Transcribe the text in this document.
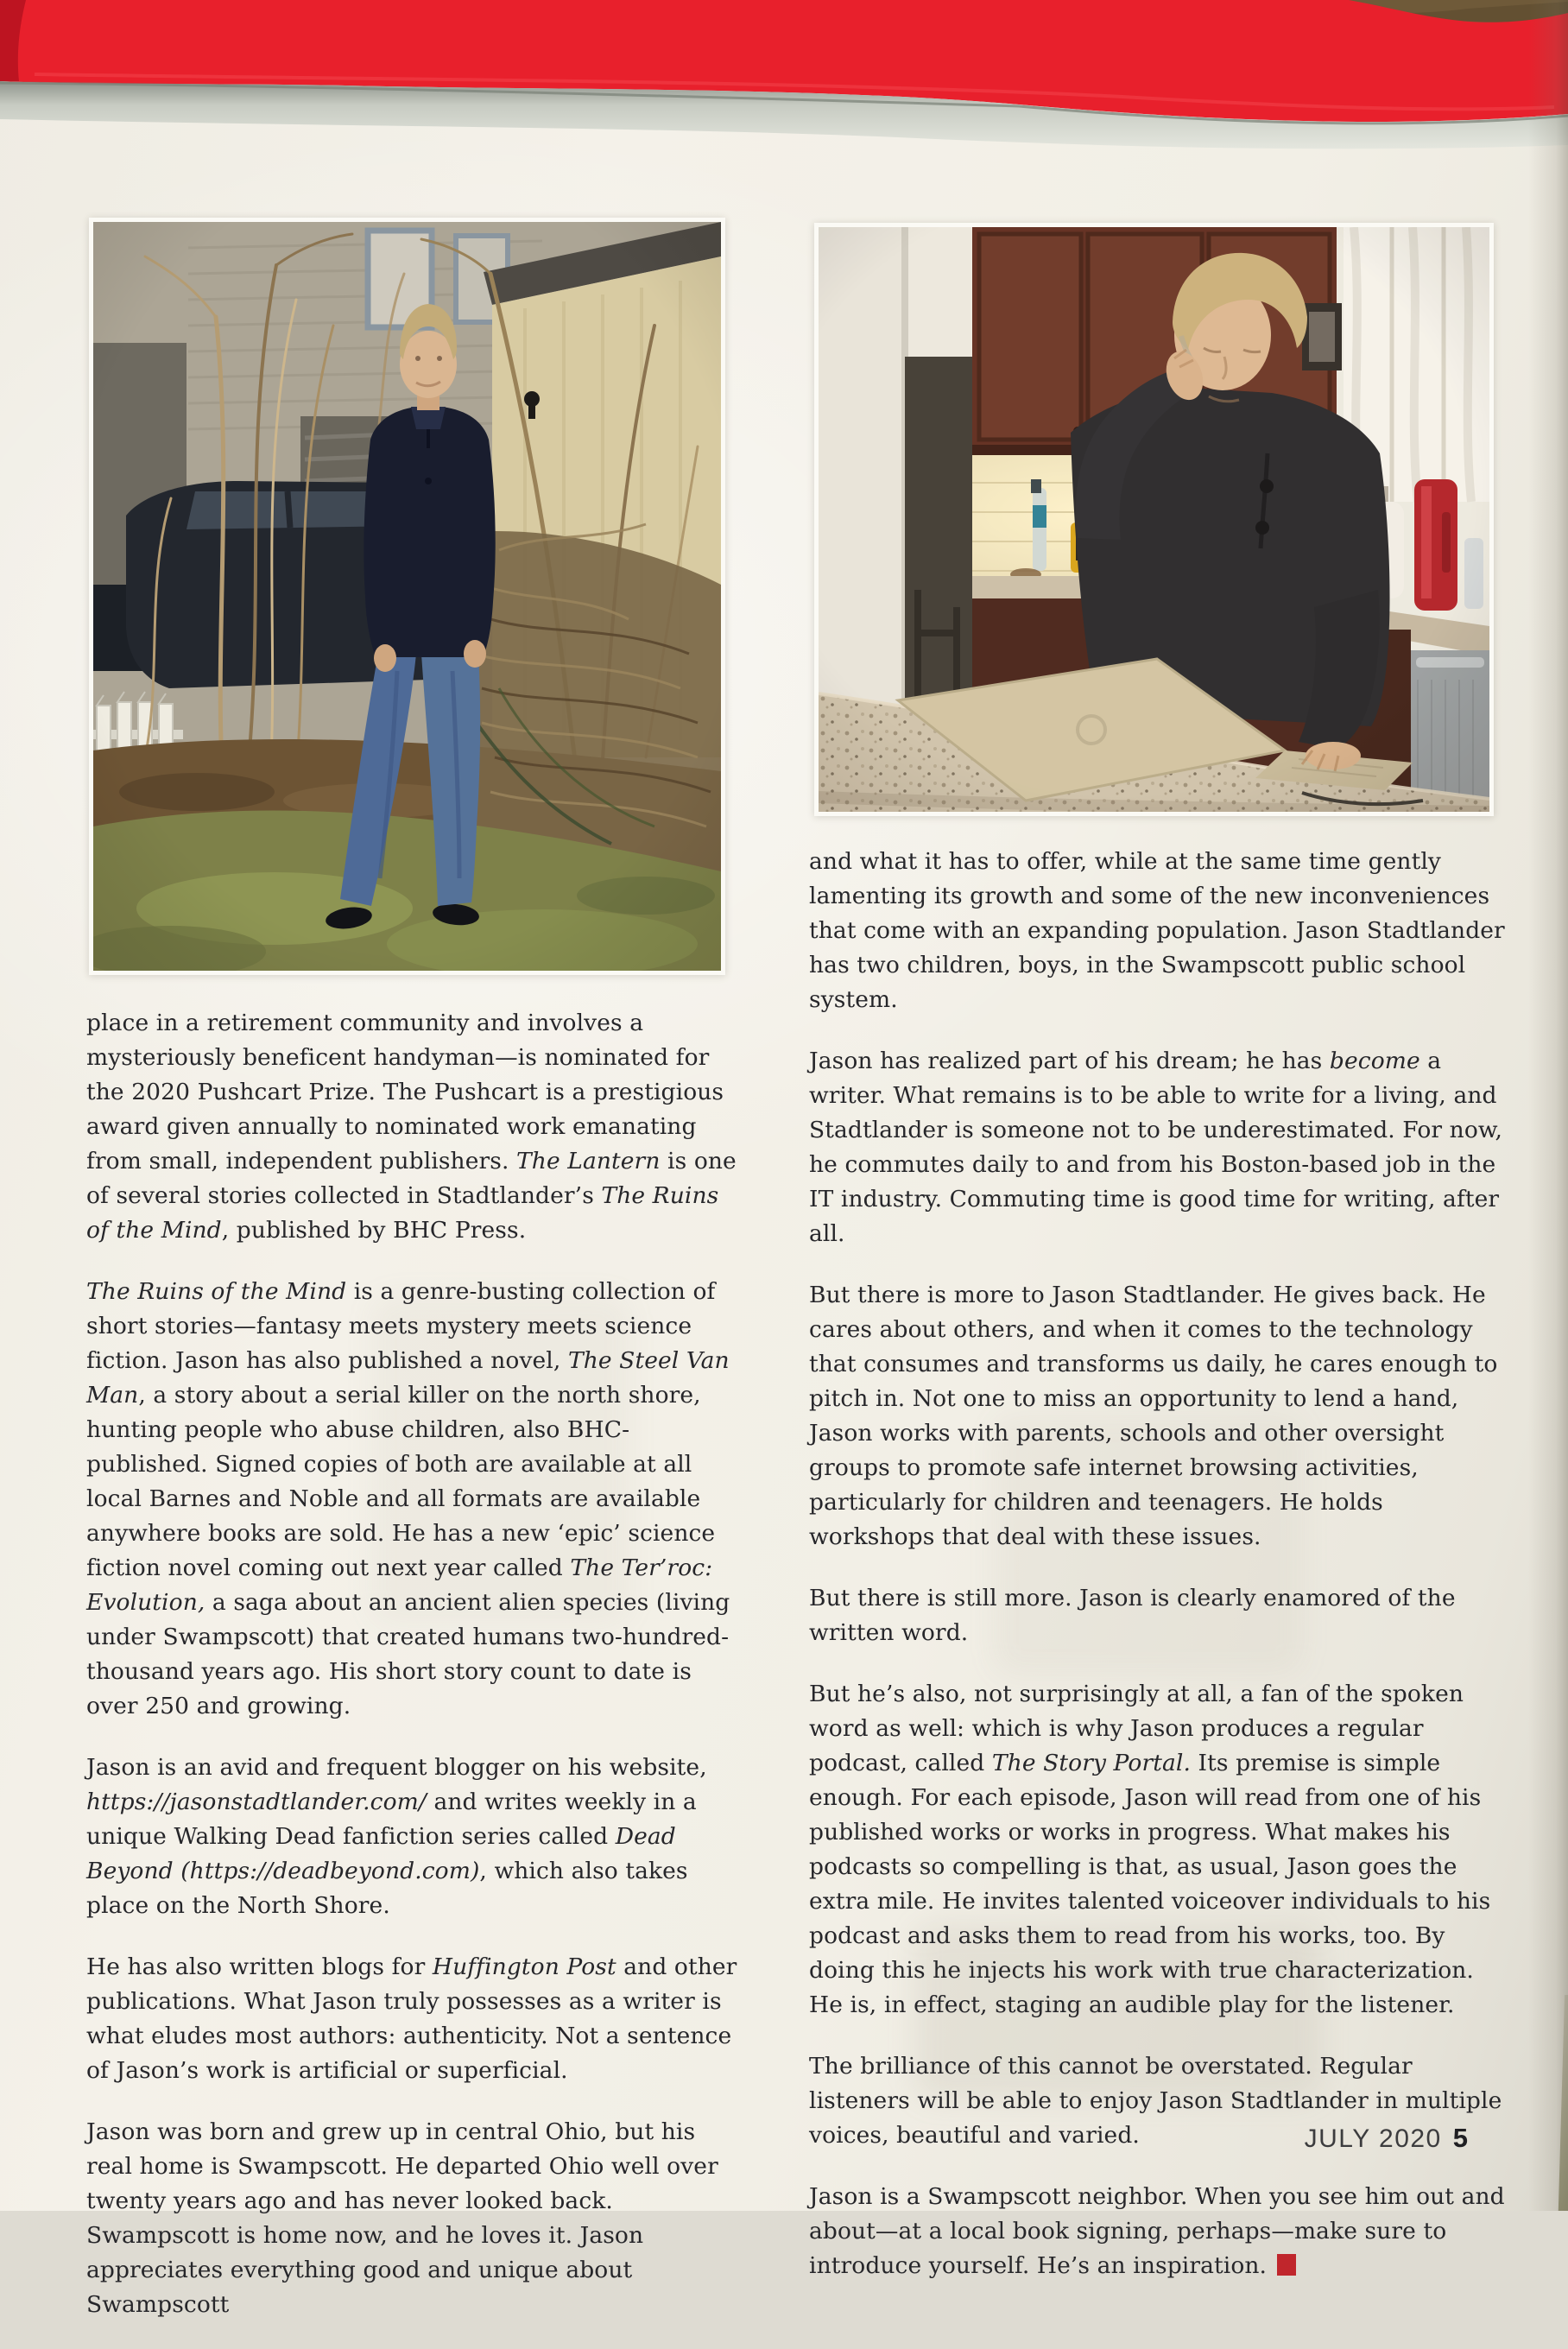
place in a retirement community and involves a mysteriously beneficent handyman—is nominated for the 2020 Pushcart Prize. The Pushcart is a prestigious award given annually to nominated work emanating from small, independent publishers. The Lantern is one of several stories collected in Stadtlander’s The Ruins of the Mind, published by BHC Press.

The Ruins of the Mind is a genre-busting collection of short stories—fantasy meets mystery meets science fiction. Jason has also published a novel, The Steel Van Man, a story about a serial killer on the north shore, hunting people who abuse children, also BHC-published. Signed copies of both are available at all local Barnes and Noble and all formats are available anywhere books are sold. He has a new ‘epic’ science fiction novel coming out next year called The Ter’roc: Evolution, a saga about an ancient alien species (living under Swampscott) that created humans two-hundred-thousand years ago. His short story count to date is over 250 and growing.

Jason is an avid and frequent blogger on his website, https://jasonstadtlander.com/ and writes weekly in a unique Walking Dead fanfiction series called Dead Beyond (https://deadbeyond.com), which also takes place on the North Shore.

He has also written blogs for Huffington Post and other publications. What Jason truly possesses as a writer is what eludes most authors: authenticity. Not a sentence of Jason’s work is artificial or superficial.

Jason was born and grew up in central Ohio, but his real home is Swampscott. He departed Ohio well over twenty years ago and has never looked back. Swampscott is home now, and he loves it. Jason appreciates everything good and unique about Swampscott

and what it has to offer, while at the same time gently lamenting its growth and some of the new inconveniences that come with an expanding population. Jason Stadtlander has two children, boys, in the Swampscott public school system.

Jason has realized part of his dream; he has become a writer. What remains is to be able to write for a living, and Stadtlander is someone not to be underestimated. For now, he commutes daily to and from his Boston-based job in the IT industry. Commuting time is good time for writing, after all.

But there is more to Jason Stadtlander. He gives back. He cares about others, and when it comes to the technology that consumes and transforms us daily, he cares enough to pitch in. Not one to miss an opportunity to lend a hand, Jason works with parents, schools and other oversight groups to promote safe internet browsing activities, particularly for children and teenagers. He holds workshops that deal with these issues.

But there is still more. Jason is clearly enamored of the written word.

But he’s also, not surprisingly at all, a fan of the spoken word as well: which is why Jason produces a regular podcast, called The Story Portal. Its premise is simple enough. For each episode, Jason will read from one of his published works or works in progress. What makes his podcasts so compelling is that, as usual, Jason goes the extra mile. He invites talented voiceover individuals to his podcast and asks them to read from his works, too. By doing this he injects his work with true characterization. He is, in effect, staging an audible play for the listener.

The brilliance of this cannot be overstated. Regular listeners will be able to enjoy Jason Stadtlander in multiple voices, beautiful and varied.

Jason is a Swampscott neighbor. When you see him out and about—at a local book signing, perhaps—make sure to introduce yourself. He’s an inspiration.

JULY 2020 5
